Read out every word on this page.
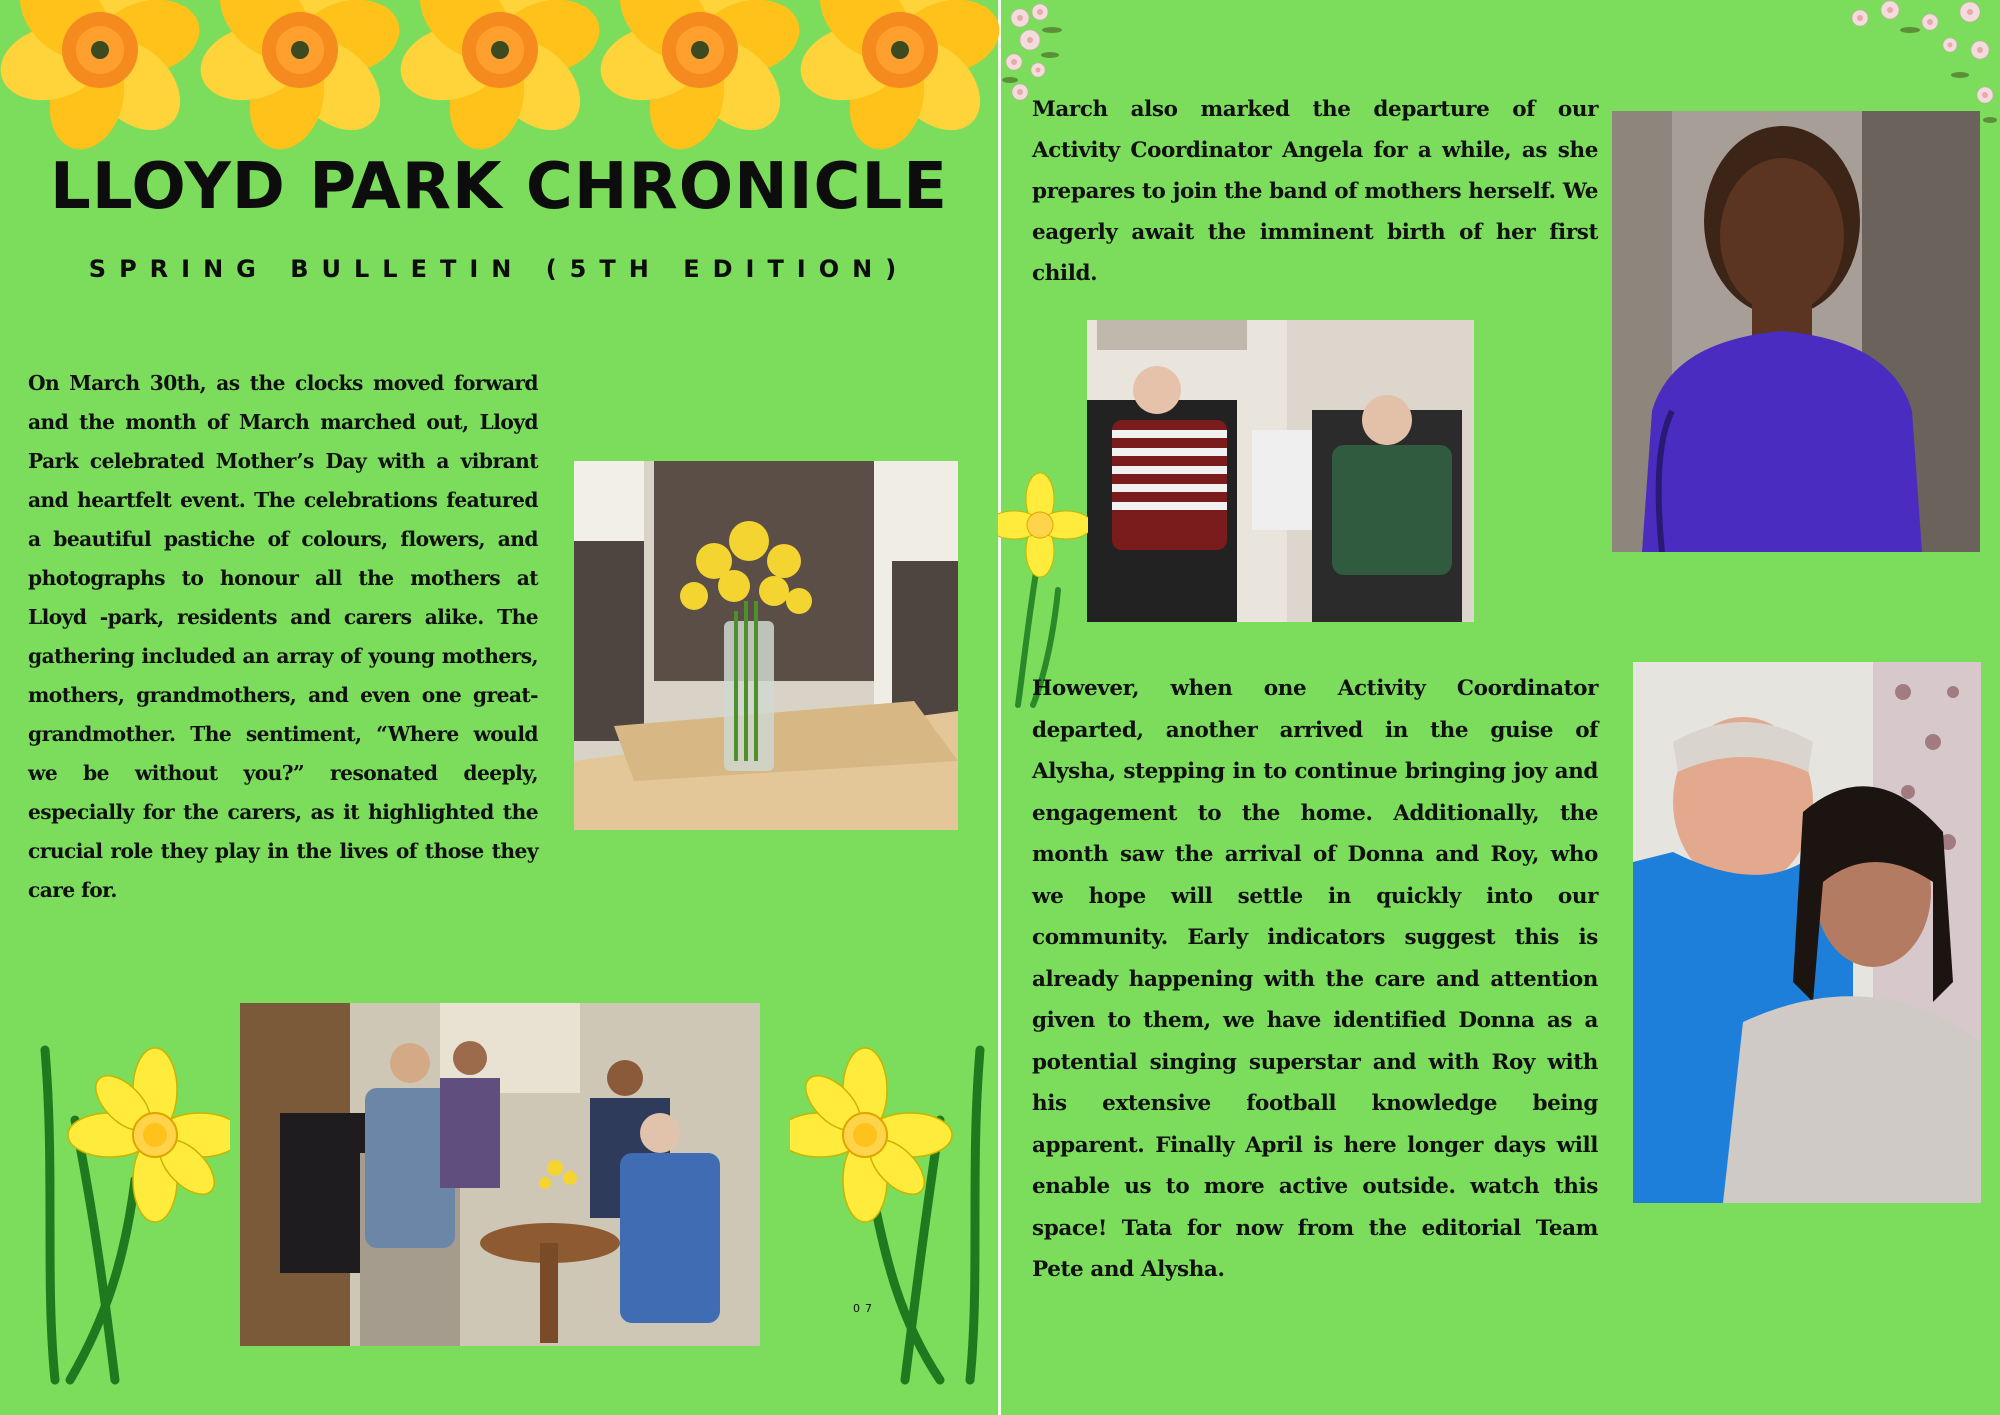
LLOYD PARK CHRONICLE
SPRING BULLETIN (5TH EDITION)

On March 30th, as the clocks moved forward and the month of March marched out, Lloyd Park celebrated Mother’s Day with a vibrant and heartfelt event. The celebrations featured a beautiful pastiche of colours, flowers, and photographs to honour all the mothers at Lloyd -park, residents and carers alike. The gathering included an array of young mothers, mothers, grandmothers, and even one great-grandmother. The sentiment, “Where would we be without you?” resonated deeply, especially for the carers, as it highlighted the crucial role they play in the lives of those they care for.

07

March also marked the departure of our Activity Coordinator Angela for a while, as she prepares to join the band of mothers herself. We eagerly await the imminent birth of her first child.

However, when one Activity Coordinator departed, another arrived in the guise of Alysha, stepping in to continue bringing joy and engagement to the home. Additionally, the month saw the arrival of Donna and Roy, who we hope will settle in quickly into our community. Early indicators suggest this is already happening with the care and attention given to them, we have identified Donna as a potential singing superstar and with Roy with his extensive football knowledge being apparent. Finally April is here longer days will enable us to more active outside. watch this space! Tata for now from the editorial Team Pete and Alysha.
